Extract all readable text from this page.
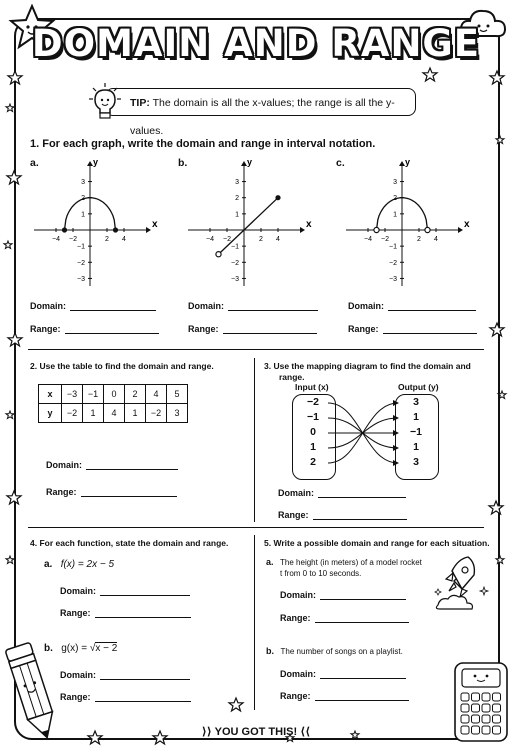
DOMAIN AND RANGE
TIP: The domain is all the x-values; the range is all the y-values.
1. For each graph, write the domain and range in interval notation.
a.	b.	c.
x
y
−4 −2	2 4
3
2
1
−1
−2
−3
x
y
−4 −2	2 4
3
2
1
−1
−2
−3
x
y
−4 −2	2 4
3
2
1
−1
−2
−3
Domain:
Range:
Domain:
Range:
Domain:
Range:
2. Use the table to find the domain and range.
x	−3	−1	0	2	4	5
y	−2	1	4	1	−2	3
Domain:
Range:
3. Use the mapping diagram to find the domain and
range.
Input (x)	Output (y)
−2
−1
0
1
2
3
1
−1
1
3
Domain:
Range:
4. For each function, state the domain and range.
a. f(x) = 2x − 5
Domain:
Range:
b. g(x) = √x − 2
Domain:
Range:
5. Write a possible domain and range for each situation.
a. The height (in meters) of a model rocket
t from 0 to 10 seconds.
Domain:
Range:
b. The number of songs on a playlist.
Domain:
Range:
⟩⟩ YOU GOT THIS! ⟨⟨
